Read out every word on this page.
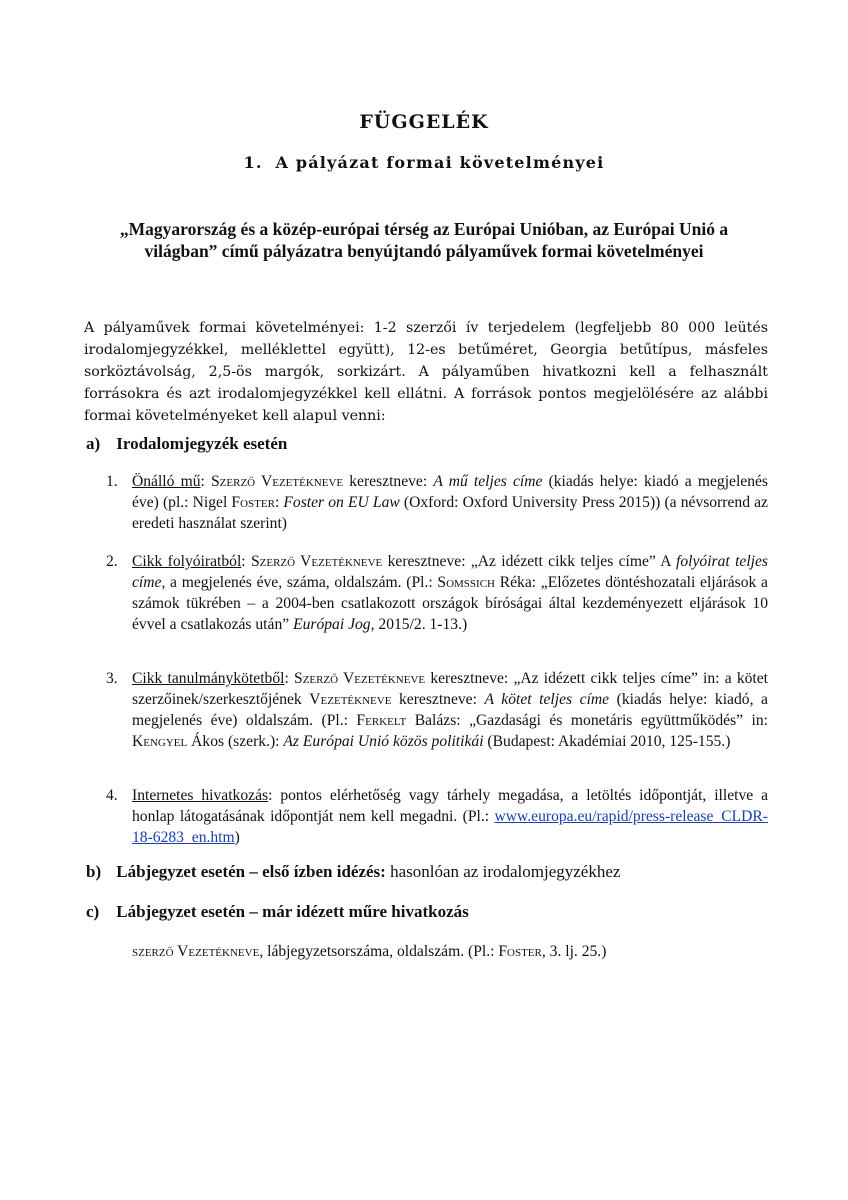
FÜGGELÉK
1. A pályázat formai követelményei
„Magyarország és a közép-európai térség az Európai Unióban, az Európai Unió a világban” című pályázatra benyújtandó pályaművek formai követelményei
A pályaművek formai követelményei: 1-2 szerzői ív terjedelem (legfeljebb 80 000 leütés irodalomjegyzékkel, melléklettel együtt), 12-es betűméret, Georgia betűtípus, másfeles sorköztávolság, 2,5-ös margók, sorkizárt. A pályaműben hivatkozni kell a felhasznált forrásokra és azt irodalomjegyzékkel kell ellátni. A források pontos megjelölésére az alábbi formai követelményeket kell alapul venni:
a) Irodalomjegyzék esetén
1. Önálló mű: Szerző Vezetékneve keresztneve: A mű teljes címe (kiadás helye: kiadó a megjelenés éve) (pl.: Nigel Foster: Foster on EU Law (Oxford: Oxford University Press 2015)) (a névsorrend az eredeti használat szerint)
2. Cikk folyóiratból: Szerző Vezetékneve keresztneve: „Az idézett cikk teljes címe” A folyóirat teljes címe, a megjelenés éve, száma, oldalszám. (Pl.: Somssich Réka: „Előzetes döntéshozatali eljárások a számok tükrében – a 2004-ben csatlakozott országok bíróságai által kezdeményezett eljárások 10 évvel a csatlakozás után” Európai Jog, 2015/2. 1-13.)
3. Cikk tanulmánykötetből: Szerző Vezetékneve keresztneve: „Az idézett cikk teljes címe” in: a kötet szerzőinek/szerkesztőjének Vezetékneve keresztneve: A kötet teljes címe (kiadás helye: kiadó, a megjelenés éve) oldalszám. (Pl.: Ferkelt Balázs: „Gazdasági és monetáris együttműködés” in: Kengyel Ákos (szerk.): Az Európai Unió közös politikái (Budapest: Akadémiai 2010, 125-155.)
4. Internetes hivatkozás: pontos elérhetőség vagy tárhely megadása, a letöltés időpontját, illetve a honlap látogatásának időpontját nem kell megadni. (Pl.: www.europa.eu/rapid/press-release_CLDR-18-6283_en.htm)
b) Lábjegyzet esetén – első ízben idézés: hasonlóan az irodalomjegyzékhez
c) Lábjegyzet esetén – már idézett műre hivatkozás
szerző Vezetékneve, lábjegyzetsorszáma, oldalszám. (Pl.: Foster, 3. lj. 25.)
